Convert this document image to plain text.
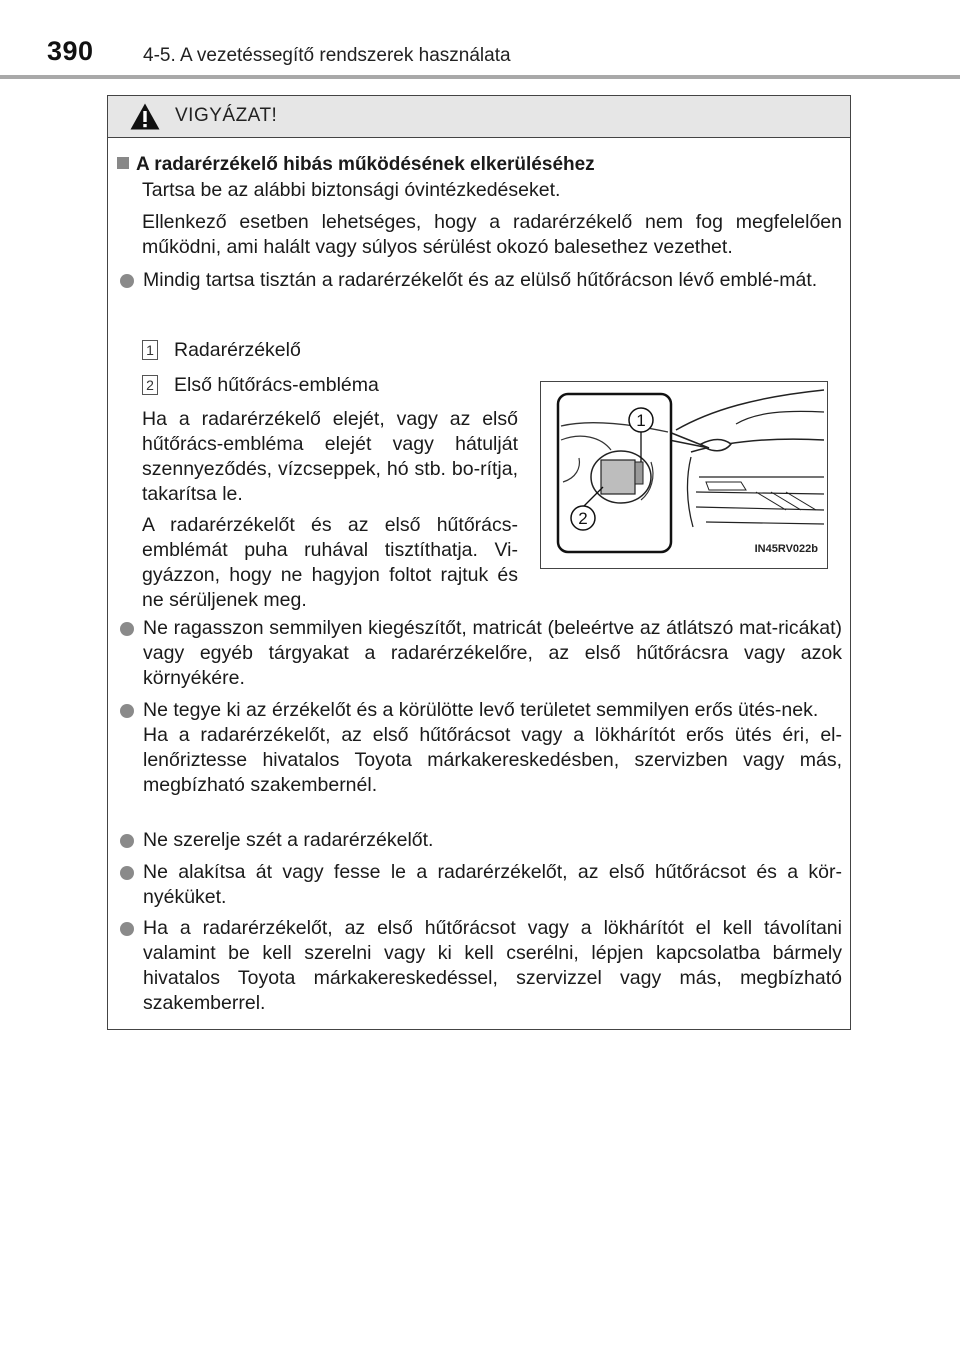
390	4-5. A vezetéssegítő rendszerek használata
VIGYÁZAT!
A radarérzékelő hibás működésének elkerüléséhez
Tartsa be az alábbi biztonsági óvintézkedéseket.
Ellenkező esetben lehetséges, hogy a radarérzékelő nem fog megfelelően működni, ami halált vagy súlyos sérülést okozó balesethez vezethet.
Mindig tartsa tisztán a radarérzékelőt és az elülső hűtőrácson lévő emblé-mát.
1 Radarérzékelő
2 Első hűtőrács-embléma
Ha a radarérzékelő elejét, vagy az első hűtőrács-embléma elejét vagy hátulját szennyeződés, vízcseppek, hó stb. bo-rítja, takarítsa le.
A radarérzékelőt és az első hűtőrács-emblémát puha ruhával tisztíthatja. Vi-gyázzon, hogy ne hagyjon foltot rajtuk és ne sérüljenek meg.
1
2
IN45RV022b
Ne ragasszon semmilyen kiegészítőt, matricát (beleértve az átlátszó mat-ricákat) vagy egyéb tárgyakat a radarérzékelőre, az első hűtőrácsra vagy azok környékére.
Ne tegye ki az érzékelőt és a körülötte levő területet semmilyen erős ütés-nek.
Ha a radarérzékelőt, az első hűtőrácsot vagy a lökhárítót erős ütés éri, el-lenőriztesse hivatalos Toyota márkakereskedésben, szervizben vagy más, megbízható szakembernél.
Ne szerelje szét a radarérzékelőt.
Ne alakítsa át vagy fesse le a radarérzékelőt, az első hűtőrácsot és a kör-nyéküket.
Ha a radarérzékelőt, az első hűtőrácsot vagy a lökhárítót el kell távolítani valamint be kell szerelni vagy ki kell cserélni, lépjen kapcsolatba bármely hivatalos Toyota márkakereskedéssel, szervizzel vagy más, megbízható szakemberrel.
